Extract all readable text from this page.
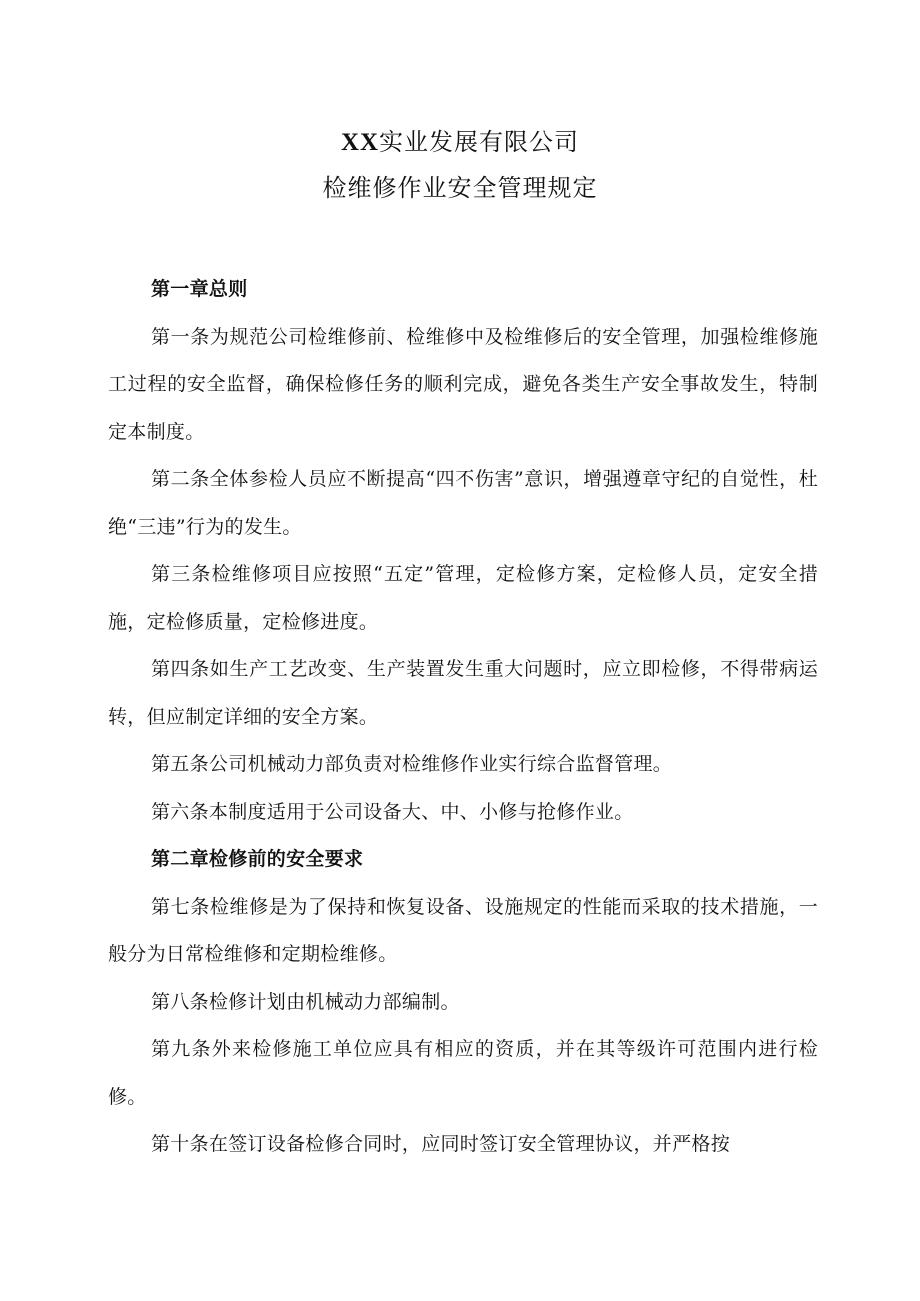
XX实业发展有限公司
检维修作业安全管理规定

第一章总则

第一条为规范公司检维修前、检维修中及检维修后的安全管理，加强检维修施工过程的安全监督，确保检修任务的顺利完成，避免各类生产安全事故发生，特制定本制度。

第二条全体参检人员应不断提高“四不伤害”意识，增强遵章守纪的自觉性，杜绝“三违”行为的发生。

第三条检维修项目应按照“五定”管理，定检修方案，定检修人员，定安全措施，定检修质量，定检修进度。

第四条如生产工艺改变、生产装置发生重大问题时，应立即检修，不得带病运转，但应制定详细的安全方案。

第五条公司机械动力部负责对检维修作业实行综合监督管理。

第六条本制度适用于公司设备大、中、小修与抢修作业。

第二章检修前的安全要求

第七条检维修是为了保持和恢复设备、设施规定的性能而采取的技术措施，一般分为日常检维修和定期检维修。

第八条检修计划由机械动力部编制。

第九条外来检修施工单位应具有相应的资质，并在其等级许可范围内进行检修。

第十条在签订设备检修合同时，应同时签订安全管理协议，并严格按
